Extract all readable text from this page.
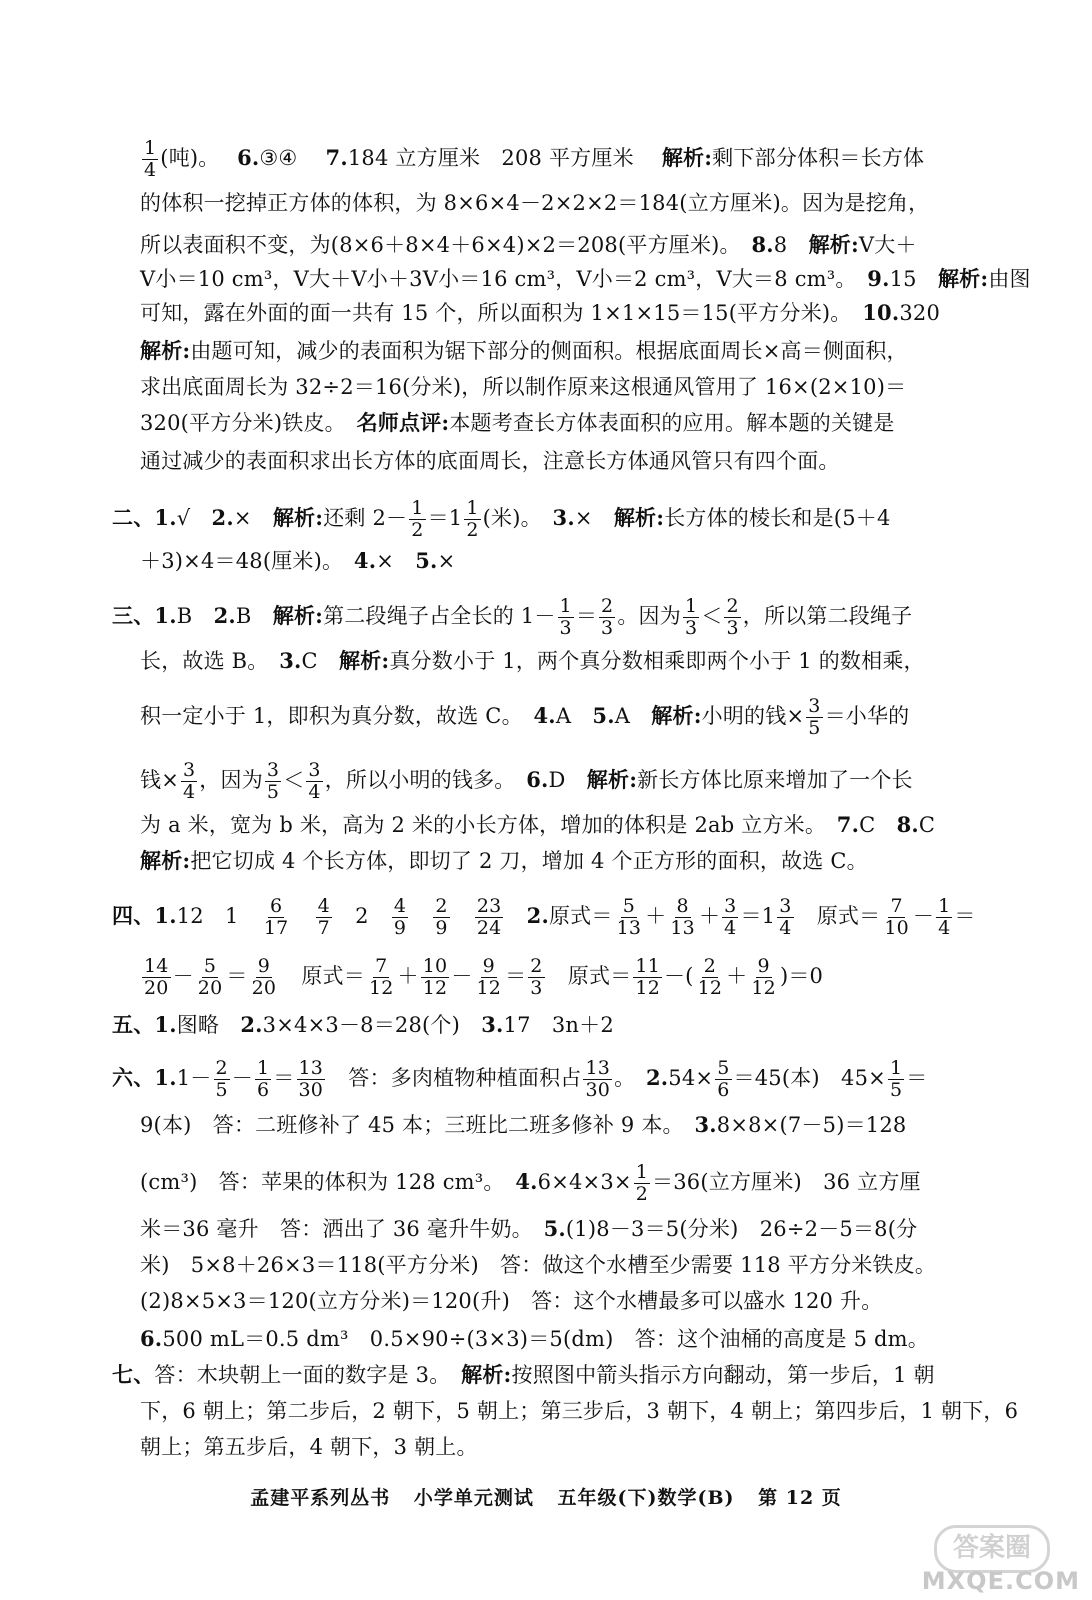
$\frac{1}{4}$ (吨)。　 6.③④　 7.184 立方厘米　208 平方厘米　 解析:剩下部分体积＝长方体
的体积一挖掉正方体的体积，为 8×6×4－2×2×2＝184(立方厘米)。因为是挖角，
所以表面积不变，为(8×6＋8×4＋6×4)×2＝208(平方厘米)。　 8.8　 解析:V大＋
V小＝10 cm³，V大＋V小＋3V小＝16 cm³，V小＝2 cm³，V大＝8 cm³。　 9.15　 解析:由图
可知，露在外面的面一共有 15 个，所以面积为 1×1×15＝15(平方分米)。　 10.320
解析:由题可知，减少的表面积为锯下部分的侧面积。根据底面周长×高＝侧面积，
求出底面周长为 32÷2＝16(分米)，所以制作原来这根通风管用了 16×(2×10)＝
320(平方分米)铁皮。　 名师点评:本题考查长方体表面积的应用。解本题的关键是
通过减少的表面积求出长方体的底面周长，注意长方体通风管只有四个面。
二、1.√　 2.×　 解析:还剩 $2- \frac{1}{2} =1 \frac{1}{2}$ (米)。　 3.×　 解析:长方体的棱长和是(5＋4
＋3)×4＝48(厘米)。　 4.×　 5.×
三、1.B　 2.B　 解析:第二段绳子占全长的 $1- \frac{1}{3} = \frac{2}{3}$ 。因为 $\frac{1}{3} < \frac{2}{3}$ ，所以第二段绳子
长，故选 B。　 3.C　 解析:真分数小于 1，两个真分数相乘即两个小于 1 的数相乘，
积一定小于 1，即积为真分数，故选 C。　 4.A　 5.A　 解析:小明的钱× $\frac{3}{5}$ ＝小华的
钱× $\frac{3}{4}$ ，因为 $\frac{3}{5} < \frac{3}{4}$ ，所以小明的钱多。　 6.D　 解析:新长方体比原来增加了一个长
为 a 米，宽为 b 米，高为 2 米的小长方体，增加的体积是 2ab 立方米。　 7.C　 8.C
解析:把它切成 4 个长方体，即切了 2 刀，增加 4 个正方形的面积，故选 C。
四、1.12　1　 $\frac{6}{17}$
　 $\frac{4}{7}$
　 2　 $\frac{4}{9}$
　 $\frac{2}{9}$
　 $\frac{23}{24}$
　 2.原式＝ $\frac{5}{13} + \frac{8}{13} + \frac{3}{4} =1 \frac{3}{4}$
　 原式＝ $\frac{7}{10} - \frac{1}{4}$ ＝
$\frac{14}{20} - \frac{5}{20} = \frac{9}{20}$
　 原式＝ $\frac{7}{12} + \frac{10}{12} - \frac{9}{12} = \frac{2}{3}$
　 原式＝ $\frac{11}{12}$ －( $\frac{2}{12} + \frac{9}{12} )=0$
五、1.图略　 2.3×4×3－8＝28(个)　 3.17　3n＋2
六、$1.1- \frac{2}{5} - \frac{1}{6} = \frac{13}{30}$
　 答：多肉植物种植面积占 $\frac{13}{30}$ 。　 $2.54\times \frac{5}{6} =45$(本)　$45\times \frac{1}{5}$ ＝
9(本)　答：二班修补了 45 本；三班比二班多修补 9 本。　 3.8×8×(7－5)＝128
(cm³)　答：苹果的体积为 128 cm³。　 $4.6\times 4\times 3\times \frac{1}{2} =36$(立方厘米)　36 立方厘
米＝36 毫升　答：洒出了 36 毫升牛奶。　 5.(1)8－3＝5(分米)　26÷2－5＝8(分
米)　5×8＋26×3＝118(平方分米)　答：做这个水槽至少需要 118 平方分米铁皮。
(2)8×5×3＝120(立方分米)＝120(升)　答：这个水槽最多可以盛水 120 升。
6.500 mL＝0.5 dm³　0.5×90÷(3×3)＝5(dm)　答：这个油桶的高度是 5 dm。
七、答：木块朝上一面的数字是 3。　 解析:按照图中箭头指示方向翻动，第一步后，1 朝
下，6 朝上；第二步后，2 朝下，5 朝上；第三步后，3 朝下，4 朝上；第四步后，1 朝下，6
朝上；第五步后，4 朝下，3 朝上。
孟建平系列丛书 小学单元测试 五年级(下)数学(B) 第 12 页
答案圈
MXQE.COM
